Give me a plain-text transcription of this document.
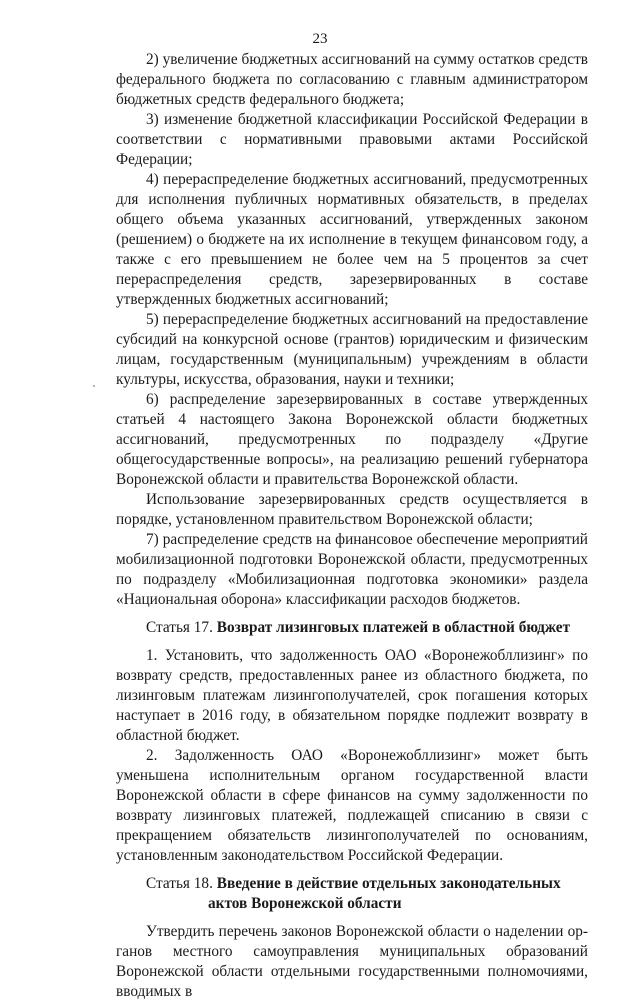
23

2) увеличение бюджетных ассигнований на сумму остатков средств федерального бюджета по согласованию с главным администратором бюджетных средств федерального бюджета;

3) изменение бюджетной классификации Российской Федерации в соответствии с нормативными правовыми актами Российской Федерации;

4) перераспределение бюджетных ассигнований, предусмотренных для исполнения публичных нормативных обязательств, в пределах общего объема указанных ассигнований, утвержденных законом (решением) о бюджете на их исполнение в текущем финансовом году, а также с его превышением не более чем на 5 процентов за счет перераспределения средств, зарезервированных в составе утвержденных бюджетных ассигнований;

5) перераспределение бюджетных ассигнований на предоставление субсидий на конкурсной основе (грантов) юридическим и физическим лицам, государственным (муниципальным) учреждениям в области культуры, искусства, образования, науки и техники;

6) распределение зарезервированных в составе утвержденных статьей 4 настоящего Закона Воронежской области бюджетных ассигнований, предусмотренных по подразделу «Другие общегосударственные вопросы», на реализацию решений губернатора Воронежской области и правительства Воронежской области.

Использование зарезервированных средств осуществляется в порядке, установленном правительством Воронежской области;

7) распределение средств на финансовое обеспечение мероприятий мобилизационной подготовки Воронежской области, предусмотренных по подразделу «Мобилизационная подготовка экономики» раздела «Национальная оборона» классификации расходов бюджетов.

Статья 17. Возврат лизинговых платежей в областной бюджет

1. Установить, что задолженность ОАО «Воронежобллизинг» по возврату средств, предоставленных ранее из областного бюджета, по лизинговым платежам лизингополучателей, срок погашения которых наступает в 2016 году, в обязательном порядке подлежит возврату в областной бюджет.

2. Задолженность ОАО «Воронежобллизинг» может быть уменьшена исполнительным органом государственной власти Воронежской области в сфере финансов на сумму задолженности по возврату лизинговых платежей, подлежащей списанию в связи с прекращением обязательств лизингополучателей по основаниям, установленным законодательством Российской Федерации.

Статья 18. Введение в действие отдельных законодательных
актов Воронежской области

Утвердить перечень законов Воронежской области о наделении органов местного самоуправления муниципальных образований Воронежской области отдельными государственными полномочиями, вводимых в
